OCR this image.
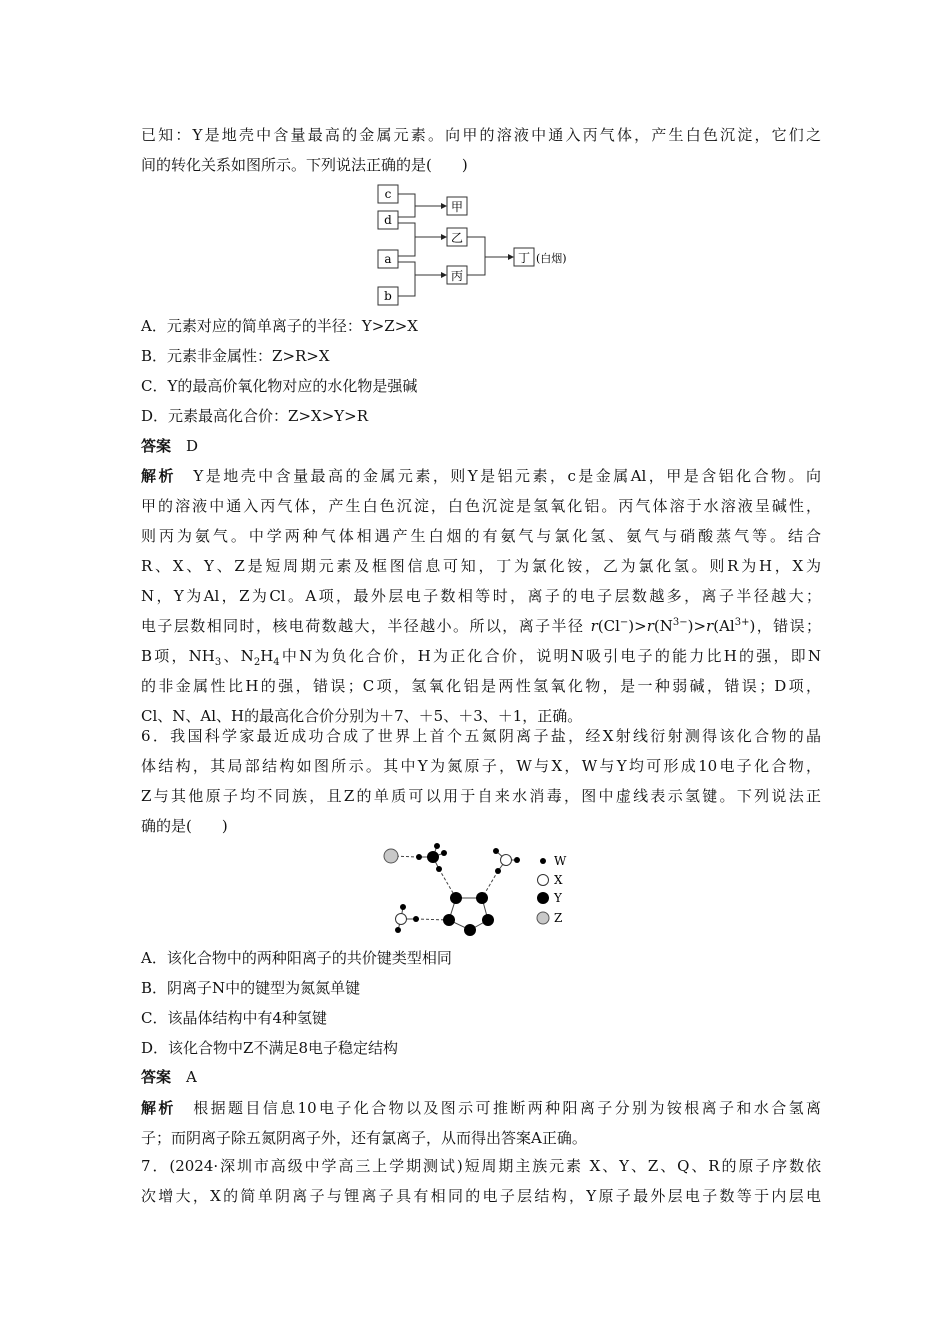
已知：Y是地壳中含量最高的金属元素。向甲的溶液中通入丙气体，产生白色沉淀，它们之
间的转化关系如图所示。下列说法正确的是(　　)
c
d
a
b
甲
乙
丙
丁 (白烟)
A．元素对应的简单离子的半径：Y>Z>X
B．元素非金属性：Z>R>X
C．Y的最高价氧化物对应的水化物是强碱
D．元素最高化合价：Z>X>Y>R
答案　D
解析　Y是地壳中含量最高的金属元素，则Y是铝元素，c是金属Al，甲是含铝化合物。向
甲的溶液中通入丙气体，产生白色沉淀，白色沉淀是氢氧化铝。丙气体溶于水溶液呈碱性，
则丙为氨气。中学两种气体相遇产生白烟的有氨气与氯化氢、氨气与硝酸蒸气等。结合
R、X、Y、Z是短周期元素及框图信息可知，丁为氯化铵，乙为氯化氢。则R为H，X为
N，Y为Al，Z为Cl。A项，最外层电子数相等时，离子的电子层数越多，离子半径越大；
电子层数相同时，核电荷数越大，半径越小。所以，离子半径 $r(Cl^-)>r(N^{3-})>r(Al^{3+})$，错误；
B项，$NH_3$、$N_2H_4$中N为负化合价，H为正化合价，说明N吸引电子的能力比H的强，即N
的非金属性比H的强，错误；C项，氢氧化铝是两性氢氧化物，是一种弱碱，错误；D项，
Cl、N、Al、H的最高化合价分别为＋7、＋5、＋3、＋1，正确。
6．我国科学家最近成功合成了世界上首个五氮阴离子盐，经X射线衍射测得该化合物的晶
体结构，其局部结构如图所示。其中Y为氮原子，W与X，W与Y均可形成10电子化合物，
Z与其他原子均不同族，且Z的单质可以用于自来水消毒，图中虚线表示氢键。下列说法正
确的是(　　)
W
X
Y
Z
A．该化合物中的两种阳离子的共价键类型相同
B．阴离子N中的键型为氮氮单键
C．该晶体结构中有4种氢键
D．该化合物中Z不满足8电子稳定结构
答案　A
解析　根据题目信息10电子化合物以及图示可推断两种阳离子分别为铵根离子和水合氢离
子；而阴离子除五氮阴离子外，还有氯离子，从而得出答案A正确。
7．(2024·深圳市高级中学高三上学期测试)短周期主族元素 X、Y、Z、Q、R的原子序数依
次增大，X的简单阴离子与锂离子具有相同的电子层结构，Y原子最外层电子数等于内层电
